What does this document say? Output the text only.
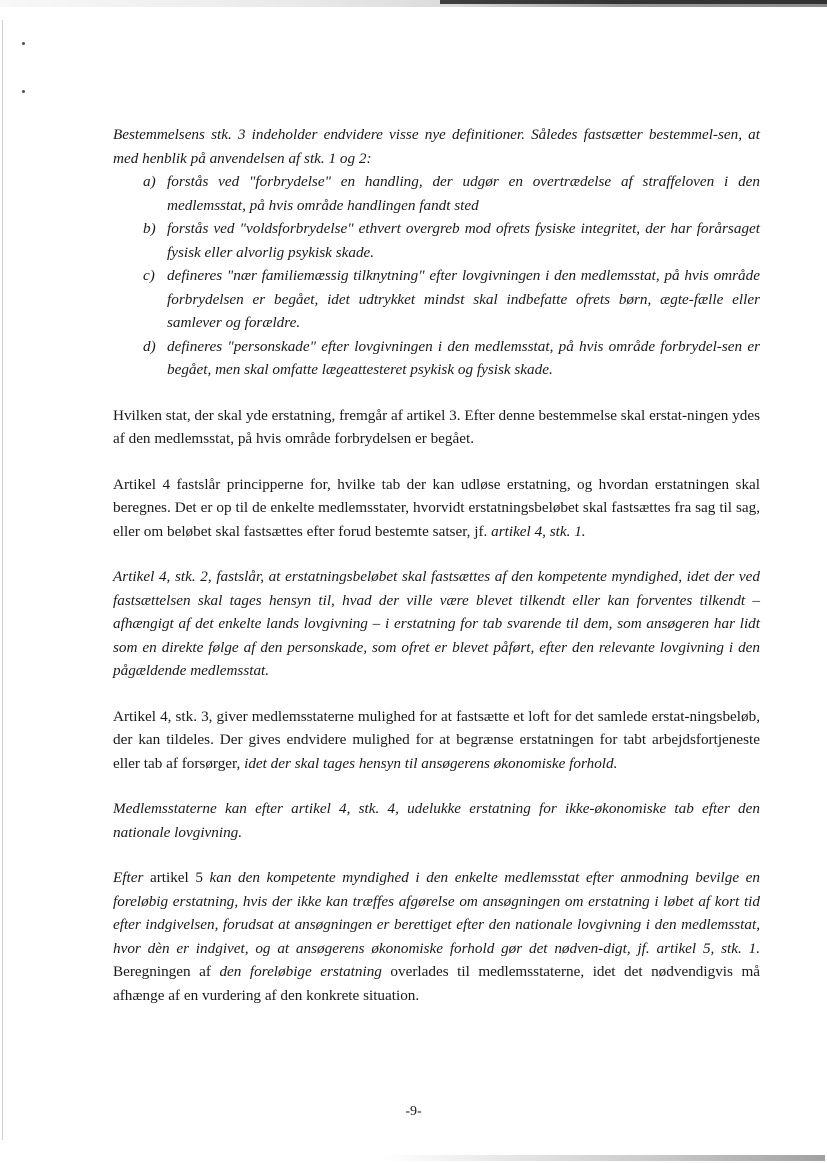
Bestemmelsens stk. 3 indeholder endvidere visse nye definitioner. Således fastsætter bestemmel-sen, at med henblik på anvendelsen af stk. 1 og 2:

a) forstås ved "forbrydelse" en handling, der udgør en overtrædelse af straffeloven i den medlemsstat, på hvis område handlingen fandt sted
b) forstås ved "voldsforbrydelse" ethvert overgreb mod ofrets fysiske integritet, der har forårsaget fysisk eller alvorlig psykisk skade.
c) defineres "nær familiemæssig tilknytning" efter lovgivningen i den medlemsstat, på hvis område forbrydelsen er begået, idet udtrykket mindst skal indbefatte ofrets børn, ægte-fælle eller samlever og forældre.
d) defineres "personskade" efter lovgivningen i den medlemsstat, på hvis område forbrydel-sen er begået, men skal omfatte lægeattesteret psykisk og fysisk skade.

Hvilken stat, der skal yde erstatning, fremgår af artikel 3. Efter denne bestemmelse skal erstat-ningen ydes af den medlemsstat, på hvis område forbrydelsen er begået.

Artikel 4 fastslår principperne for, hvilke tab der kan udløse erstatning, og hvordan erstatningen skal beregnes. Det er op til de enkelte medlemsstater, hvorvidt erstatningsbeløbet skal fastsættes fra sag til sag, eller om beløbet skal fastsættes efter forud bestemte satser, jf. artikel 4, stk. 1.

Artikel 4, stk. 2, fastslår, at erstatningsbeløbet skal fastsættes af den kompetente myndighed, idet der ved fastsættelsen skal tages hensyn til, hvad der ville være blevet tilkendt eller kan forventes tilkendt – afhængigt af det enkelte lands lovgivning – i erstatning for tab svarende til dem, som ansøgeren har lidt som en direkte følge af den personskade, som ofret er blevet påført, efter den relevante lovgivning i den pågældende medlemsstat.

Artikel 4, stk. 3, giver medlemsstaterne mulighed for at fastsætte et loft for det samlede erstat-ningsbeløb, der kan tildeles. Der gives endvidere mulighed for at begrænse erstatningen for tabt arbejdsfortjeneste eller tab af forsørger, idet der skal tages hensyn til ansøgerens økonomiske forhold.

Medlemsstaterne kan efter artikel 4, stk. 4, udelukke erstatning for ikke-økonomiske tab efter den nationale lovgivning.

Efter artikel 5 kan den kompetente myndighed i den enkelte medlemsstat efter anmodning bevilge en foreløbig erstatning, hvis der ikke kan træffes afgørelse om ansøgningen om erstatning i løbet af kort tid efter indgivelsen, forudsat at ansøgningen er berettiget efter den nationale lovgivning i den medlemsstat, hvor dèn er indgivet, og at ansøgerens økonomiske forhold gør det nødven-digt, jf. artikel 5, stk. 1. Beregningen af den foreløbige erstatning overlades til medlemsstaterne, idet det nødvendigvis må afhænge af en vurdering af den konkrete situation.

-9-
